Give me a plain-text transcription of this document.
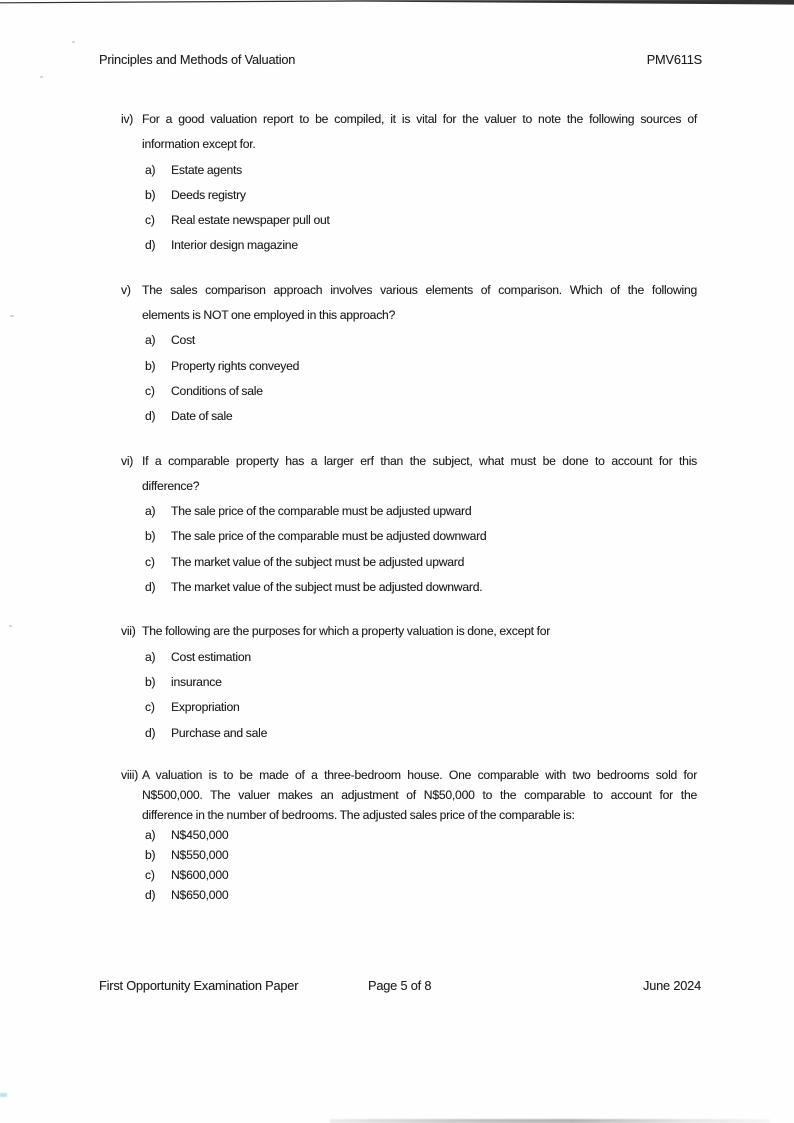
Principles and Methods of Valuation	PMV611S
iv) For a good valuation report to be compiled, it is vital for the valuer to note the following sources of
information except for.
a)	Estate agents
b)	Deeds registry
c)	Real estate newspaper pull out
d)	Interior design magazine
v) The sales comparison approach involves various elements of comparison. Which of the following
elements is NOT one employed in this approach?
a)	Cost
b)	Property rights conveyed
c)	Conditions of sale
d)	Date of sale
vi) If a comparable property has a larger erf than the subject, what must be done to account for this
difference?
a)	The sale price of the comparable must be adjusted upward
b)	The sale price of the comparable must be adjusted downward
c)	The market value of the subject must be adjusted upward
d)	The market value of the subject must be adjusted downward.
vii) The following are the purposes for which a property valuation is done, except for
a)	Cost estimation
b)	insurance
c)	Expropriation
d)	Purchase and sale
viii) A valuation is to be made of a three-bedroom house. One comparable with two bedrooms sold for
N$500,000. The valuer makes an adjustment of N$50,000 to the comparable to account for the
difference in the number of bedrooms. The adjusted sales price of the comparable is:
a)	N$450,000
b)	N$550,000
c)	N$600,000
d)	N$650,000
First Opportunity Examination Paper	Page 5 of 8	June 2024
